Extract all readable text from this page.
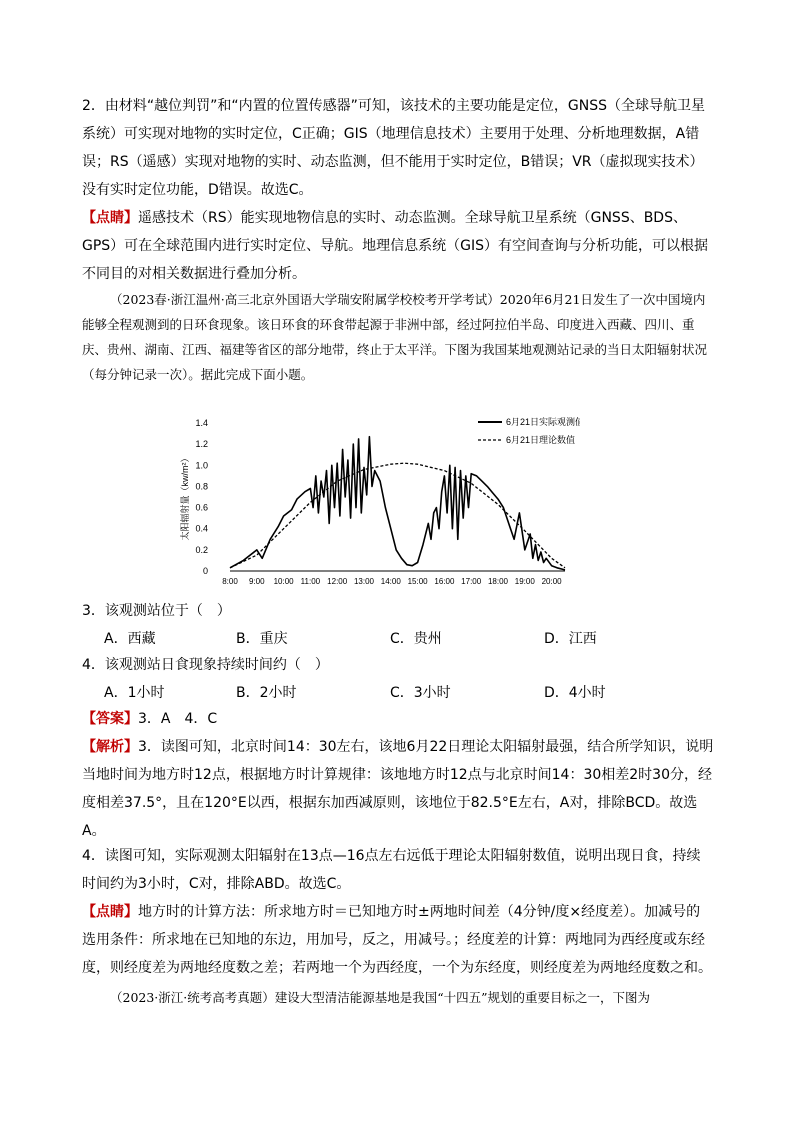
2．由材料“越位判罚”和“内置的位置传感器”可知，该技术的主要功能是定位，GNSS（全球导航卫星系统）可实现对地物的实时定位，C正确；GIS（地理信息技术）主要用于处理、分析地理数据，A错误；RS（遥感）实现对地物的实时、动态监测，但不能用于实时定位，B错误；VR（虚拟现实技术）没有实时定位功能，D错误。故选C。

【点睛】遥感技术（RS）能实现地物信息的实时、动态监测。全球导航卫星系统（GNSS、BDS、GPS）可在全球范围内进行实时定位、导航。地理信息系统（GIS）有空间查询与分析功能，可以根据不同目的对相关数据进行叠加分析。

（2023春·浙江温州·高三北京外国语大学瑞安附属学校校考开学考试）2020年6月21日发生了一次中国境内能够全程观测到的日环食现象。该日环食的环食带起源于非洲中部，经过阿拉伯半岛、印度进入西藏、四川、重庆、贵州、湖南、江西、福建等省区的部分地带，终止于太平洋。下图为我国某地观测站记录的当日太阳辐射状况（每分钟记录一次）。据此完成下面小题。

0
0.2
0.4
0.6
0.8
1.0
1.2
1.4
8:00 9:00 10:00 11:00 12:00 13:00 14:00 15:00 16:00 17:00 18:00 19:00 20:00
太阳辐射量（kw/m²）
6月21日实际观测值
6月21日理论数值

3．该观测站位于（　）

A．西藏	B．重庆	C．贵州	D．江西

4．该观测站日食现象持续时间约（　）

A．1小时	B．2小时	C．3小时	D．4小时

【答案】3．A　4．C

【解析】3．读图可知，北京时间14：30左右，该地6月22日理论太阳辐射最强，结合所学知识，说明当地时间为地方时12点，根据地方时计算规律：该地地方时12点与北京时间14：30相差2时30分，经度相差37.5°，且在120°E以西，根据东加西减原则，该地位于82.5°E左右，A对，排除BCD。故选A。

4．读图可知，实际观测太阳辐射在13点—16点左右远低于理论太阳辐射数值，说明出现日食，持续时间约为3小时，C对，排除ABD。故选C。

【点睛】地方时的计算方法：所求地方时＝已知地方时±两地时间差（4分钟/度×经度差）。加减号的选用条件：所求地在已知地的东边，用加号，反之，用减号。；经度差的计算：两地同为西经度或东经度，则经度差为两地经度数之差；若两地一个为西经度，一个为东经度，则经度差为两地经度数之和。

（2023·浙江·统考高考真题）建设大型清洁能源基地是我国“十四五”规划的重要目标之一，下图为
